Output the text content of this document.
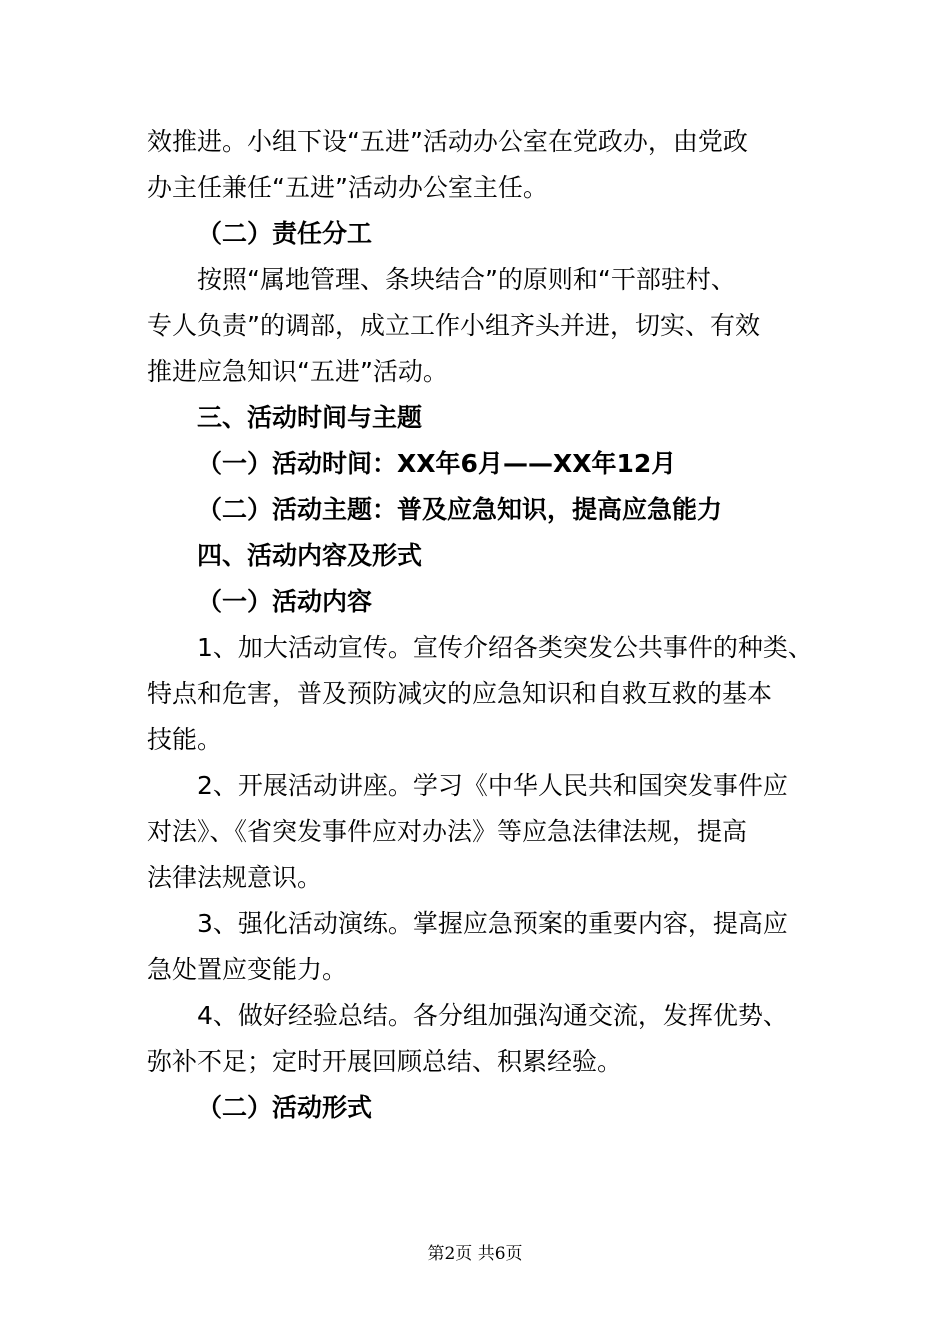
效推进。小组下设“五进”活动办公室在党政办，由党政
办主任兼任“五进”活动办公室主任。
（二）责任分工
按照“属地管理、条块结合”的原则和“干部驻村、
专人负责”的调部，成立工作小组齐头并进，切实、有效
推进应急知识“五进”活动。
三、活动时间与主题
（一）活动时间：XX年6月——XX年12月
（二）活动主题：普及应急知识，提高应急能力
四、活动内容及形式
（一）活动内容
1、加大活动宣传。宣传介绍各类突发公共事件的种类、
特点和危害，普及预防减灾的应急知识和自救互救的基本
技能。
2、开展活动讲座。学习《中华人民共和国突发事件应
对法》、《省突发事件应对办法》等应急法律法规，提高
法律法规意识。
3、强化活动演练。掌握应急预案的重要内容，提高应
急处置应变能力。
4、做好经验总结。各分组加强沟通交流，发挥优势、
弥补不足；定时开展回顾总结、积累经验。
（二）活动形式
第2页 共6页
